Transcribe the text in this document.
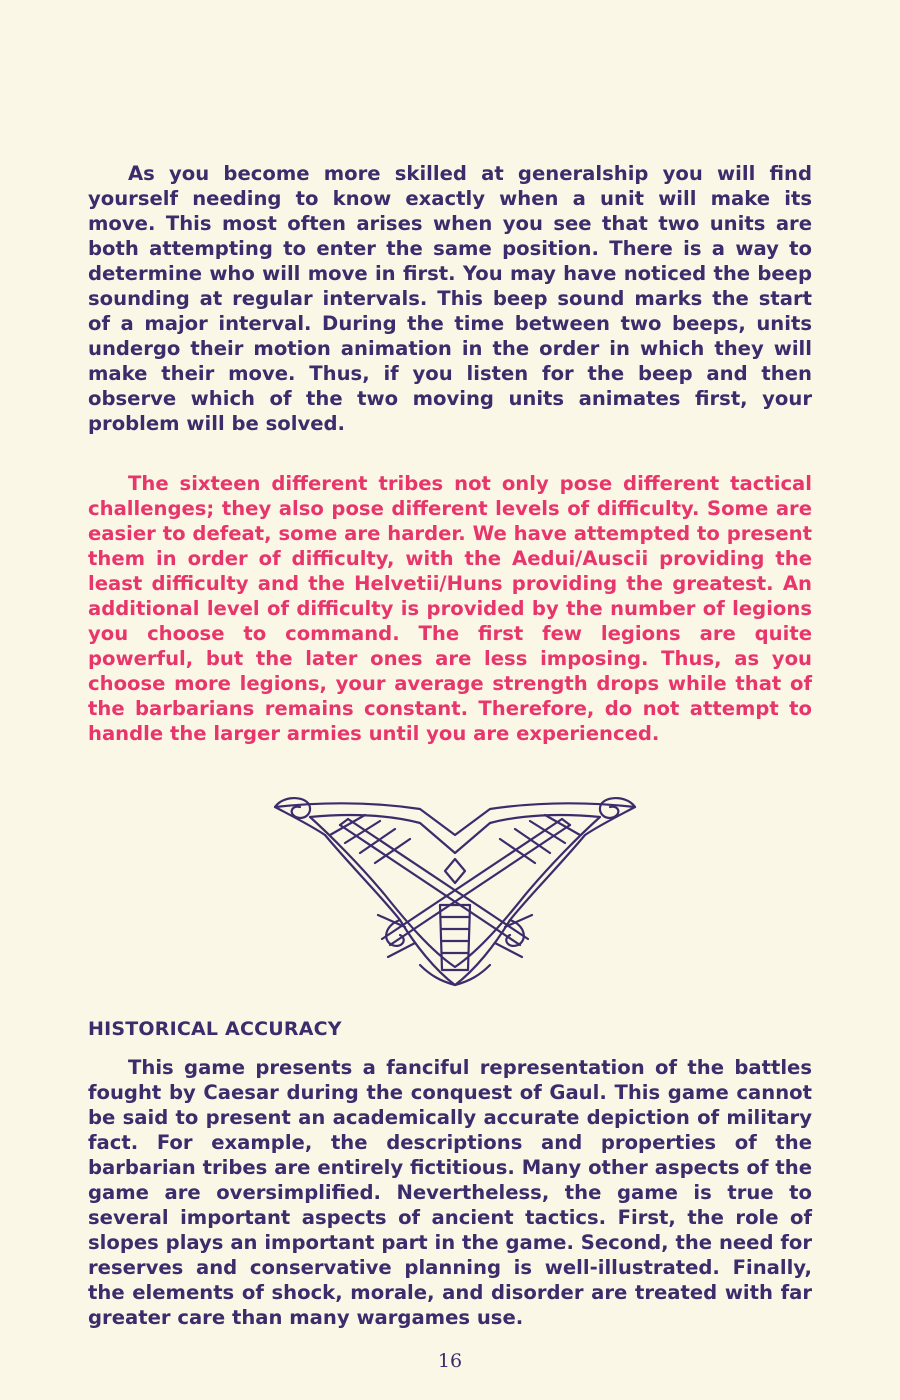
As you become more skilled at generalship you will find yourself needing to know exactly when a unit will make its move. This most often arises when you see that two units are both attempting to enter the same position. There is a way to determine who will move in first. You may have noticed the beep sounding at regular intervals. This beep sound marks the start of a major interval. During the time between two beeps, units undergo their motion animation in the order in which they will make their move. Thus, if you listen for the beep and then observe which of the two moving units animates first, your problem will be solved.

The sixteen different tribes not only pose different tactical challenges; they also pose different levels of difficulty. Some are easier to defeat, some are harder. We have attempted to present them in order of difficulty, with the Aedui/Auscii providing the least difficulty and the Helvetii/Huns providing the greatest. An additional level of difficulty is provided by the number of legions you choose to command. The first few legions are quite powerful, but the later ones are less imposing. Thus, as you choose more legions, your average strength drops while that of the barbarians remains constant. Therefore, do not attempt to handle the larger armies until you are experienced.

HISTORICAL ACCURACY

This game presents a fanciful representation of the battles fought by Caesar during the conquest of Gaul. This game cannot be said to present an academically accurate depiction of military fact. For example, the descriptions and properties of the barbarian tribes are entirely fictitious. Many other aspects of the game are oversimplified. Nevertheless, the game is true to several important aspects of ancient tactics. First, the role of slopes plays an important part in the game. Second, the need for reserves and conservative planning is well-illustrated. Finally, the elements of shock, morale, and disorder are treated with far greater care than many wargames use.

16
